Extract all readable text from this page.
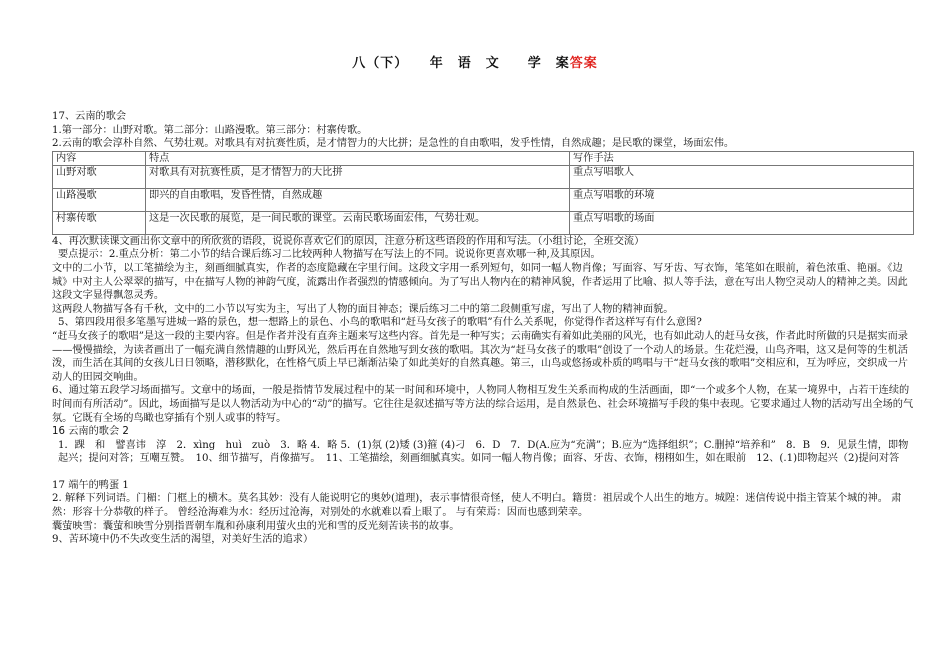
八（下）　　年　语　文　　学　案答案

17、云南的歌会

1.第一部分：山野对歌。第二部分：山路漫歌。第三部分：村寨传歌。

2.云南的歌会淳朴自然、气势壮观。对歌具有对抗赛性质，是才情智力的大比拼；是急性的自由歌唱，发乎性情，自然成趣；是民歌的课堂，场面宏伟。

内容	特点	写作手法
山野对歌	对歌具有对抗赛性质，是才情智力的大比拼	重点写唱歌人
山路漫歌	即兴的自由歌唱，发昏性情，自然成趣	重点写唱歌的环境
村寨传歌	这是一次民歌的展览，是一间民歌的课堂。云南民歌场面宏伟，气势壮观。	重点写唱歌的场面

4、再次默读课文画出你文章中的所欣赏的语段，说说你喜欢它们的原因，注意分析这些语段的作用和写法。（小组讨论，全班交流）

要点提示：2.重点分析：第二小节的结合课后练习二比较两种人物描写在写法上的不同。说说你更喜欢哪一种,及其原因。

文中的二小节，以工笔描绘为主，刻画细腻真实，作者的态度隐藏在字里行间。这段文字用一系列短句，如同一幅人物肖像；写面容、写牙齿、写衣饰，笔笔如在眼前，着色浓重、艳丽。《边城》中对主人公翠翠的描写，中在描写人物的神韵气度，流露出作者强烈的情感倾向。为了写出人物内在的精神风貌，作者运用了比喻、拟人等手法，意在写出人物空灵动人的精神之美。因此这段文字显得飘忽灵秀。

这两段人物描写各有千秋，文中的二小节以写实为主，写出了人物的面目神态；课后练习二中的第二段侧重写虚，写出了人物的精神面貌。

5、第四段用很多笔墨写进城一路的景色，想一想路上的景色、小鸟的歌唱和“赶马女孩子的歌唱”有什么关系呢，你觉得作者这样写有什么意图?

“赶马女孩子的歌唱”是这一段的主要内容。但是作者并没有直奔主题来写这些内容。首先是一种写实；云南确实有着如此美丽的风光，也有如此动人的赶马女孩，作者此时所做的只是据实而录——慢慢描绘，为读者画出了一幅充满自然情趣的山野风光，然后再在自然地写到女孩的歌唱。其次为“赶马女孩子的歌唱”创设了一个动人的场景。生花烂漫，山鸟齐唱，这又是何等的生机活泼，而生活在其间的女孩儿日日领略，潜移默化，在性格气质上早已渐渐沾染了如此美好的自然真趣。第三，山鸟或悠扬或朴质的鸣唱与干“赶马女孩的歌唱”交相应和，互为呼应，交织成一片动人的田园交响曲。

6、通过第五段学习场面描写。文章中的场面，一般是指情节发展过程中的某一时间和环境中，人物同人物相互发生关系而构成的生活画面，即“一个或多个人物，在某一境界中，占若干连续的时间而有所活动”。因此，场面描写是以人物活动为中心的“动”的描写。它往往是叙述描写等方法的综合运用，是自然景色、社会环境描写手段的集中表现。它要求通过人物的活动写出全场的气氛。它既有全场的鸟瞰也穿插有个别人或事的特写。

16 云南的歌会 2

1．踝　和　譬喜讳　淳　2．xìng　huì　zuò　3．略 4．略 5．(1)氛 (2)矮 (3)箍 (4)刁　6．D　7．D(A.应为“充满”；B.应为“选择组织”；C.删掉“培养和”　8．B　9．见景生情，即物起兴；提问对答；互嘲互赞。　10、细节描写，肖像描写。　11、工笔描绘，刻画细腻真实。如同一幅人物肖像；面容、牙齿、衣饰，栩栩如生，如在眼前　12、(.1)即物起兴（2)提问对答

17 端午的鸭蛋 1

2. 解释下列词语。门楣：门框上的横木。莫名其妙：没有人能说明它的奥妙(道理)，表示事情很奇怪，使人不明白。籍贯：祖居或个人出生的地方。城隍：迷信传说中指主管某个城的神。 肃然：形容十分恭敬的样子。 曾经沧海难为水：经历过沧海，对别处的水就难以看上眼了。 与有荣焉：因而也感到荣幸。

囊萤映雪：囊萤和映雪分别指晋朝车胤和孙康利用萤火虫的光和雪的反光刻苦读书的故事。

9、苦环境中仍不失改变生活的渴望，对美好生活的追求）
